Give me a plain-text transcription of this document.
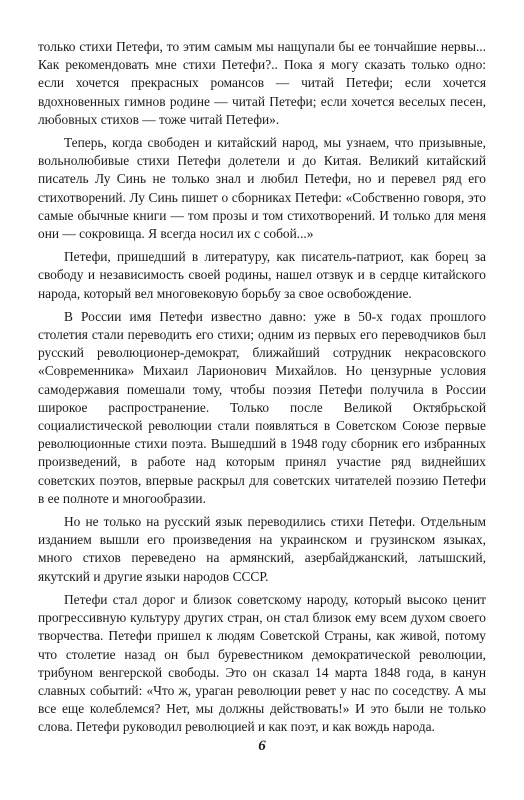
только стихи Петефи, то этим самым мы нащупали бы ее тончайшие нервы... Как рекомендовать мне стихи Петефи?.. Пока я могу сказать только одно: если хочется прекрасных романсов — читай Петефи; если хочется вдохновенных гимнов родине — читай Петефи; если хочется веселых песен, любовных стихов — тоже читай Петефи».

Теперь, когда свободен и китайский народ, мы узнаем, что призывные, вольнолюбивые стихи Петефи долетели и до Китая. Великий китайский писатель Лу Синь не только знал и любил Петефи, но и перевел ряд его стихотворений. Лу Синь пишет о сборниках Петефи: «Собственно говоря, это самые обычные книги — том прозы и том стихотворений. И только для меня они — сокровища. Я всегда носил их с собой...»

Петефи, пришедший в литературу, как писатель-патриот, как борец за свободу и независимость своей родины, нашел отзвук и в сердце китайского народа, который вел многовековую борьбу за свое освобождение.

В России имя Петефи известно давно: уже в 50-х годах прошлого столетия стали переводить его стихи; одним из первых его переводчиков был русский революционер-демократ, ближайший сотрудник некрасовского «Современника» Михаил Ларионович Михайлов. Но цензурные условия самодержавия помешали тому, чтобы поэзия Петефи получила в России широкое распространение. Только после Великой Октябрьской социалистической революции стали появляться в Советском Союзе первые революционные стихи поэта. Вышедший в 1948 году сборник его избранных произведений, в работе над которым принял участие ряд виднейших советских поэтов, впервые раскрыл для советских читателей поэзию Петефи в ее полноте и многообразии.

Но не только на русский язык переводились стихи Петефи. Отдельным изданием вышли его произведения на украинском и грузинском языках, много стихов переведено на армянский, азербайджанский, латышский, якутский и другие языки народов СССР.

Петефи стал дорог и близок советскому народу, который высоко ценит прогрессивную культуру других стран, он стал близок ему всем духом своего творчества. Петефи пришел к людям Советской Страны, как живой, потому что столетие назад он был буревестником демократической революции, трибуном венгерской свободы. Это он сказал 14 марта 1848 года, в канун славных событий: «Что ж, ураган революции ревет у нас по соседству. А мы все еще колеблемся? Нет, мы должны действовать!» И это были не только слова. Петефи руководил революцией и как поэт, и как вождь народа.

6
